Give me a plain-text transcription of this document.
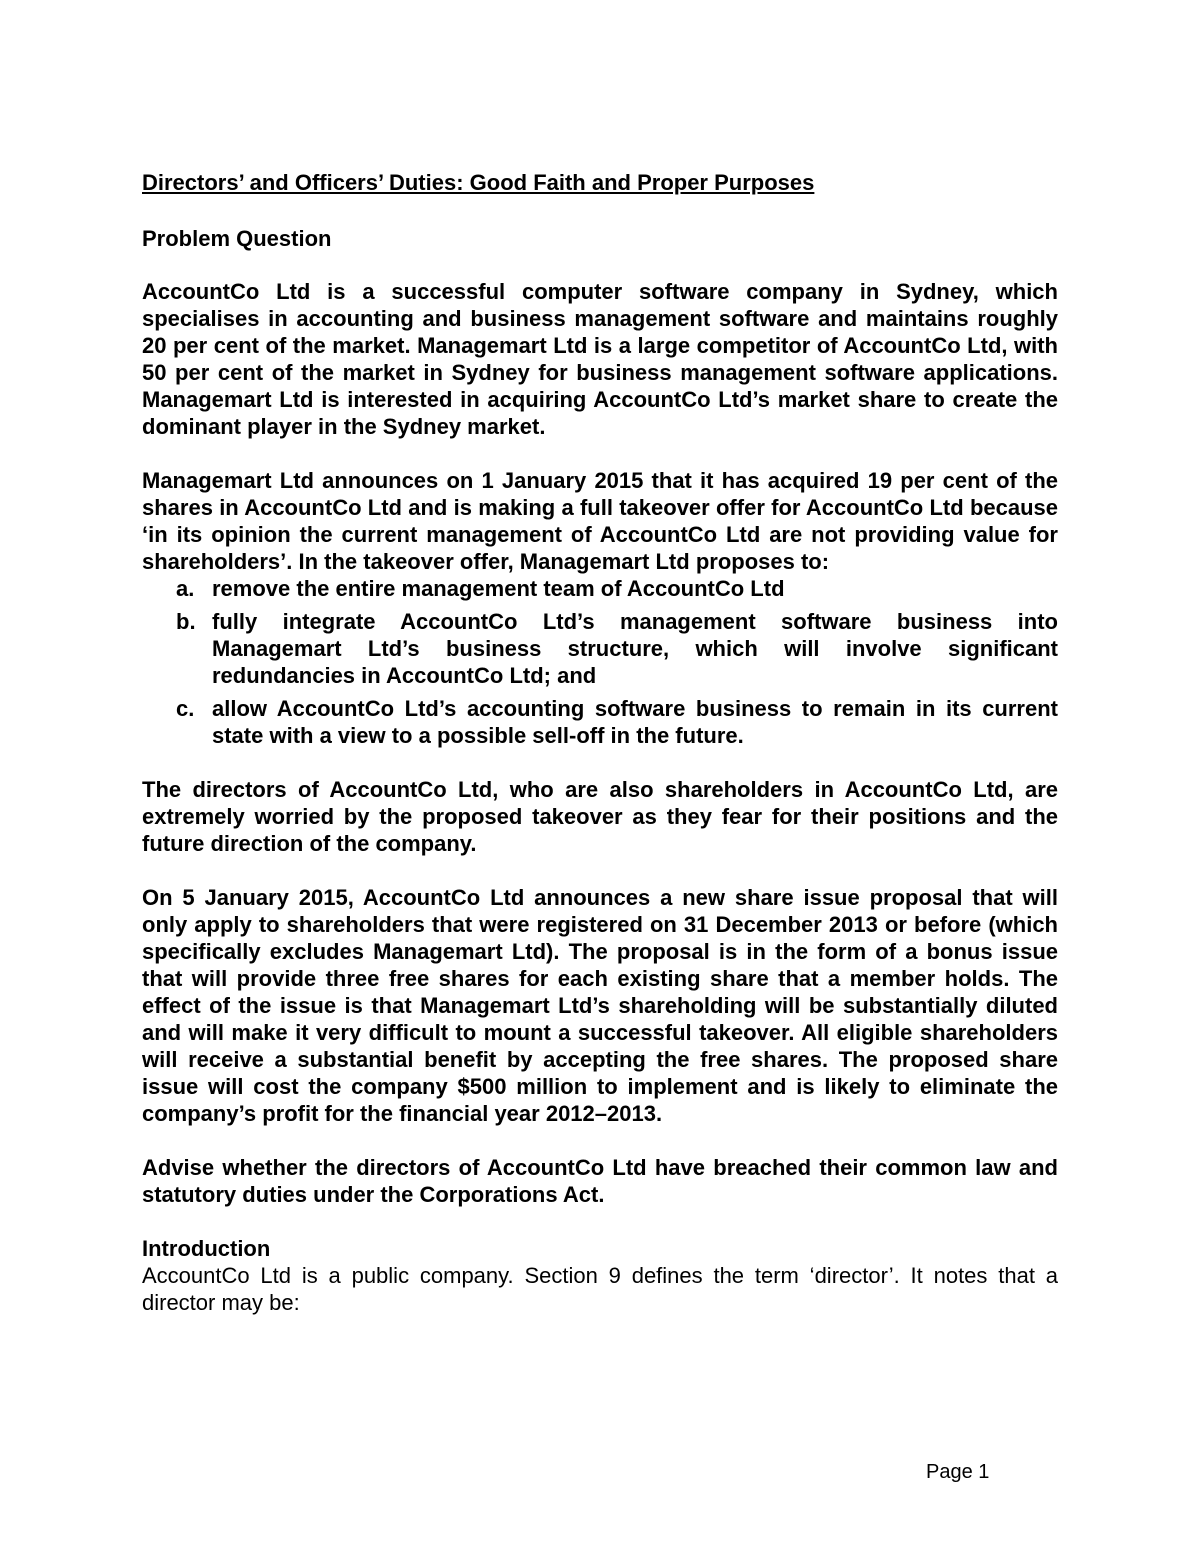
Directors’ and Officers’ Duties: Good Faith and Proper Purposes
Problem Question

AccountCo Ltd is a successful computer software company in Sydney, which specialises in accounting and business management software and maintains roughly 20 per cent of the market. Managemart Ltd is a large competitor of AccountCo Ltd, with 50 per cent of the market in Sydney for business management software applications. Managemart Ltd is interested in acquiring AccountCo Ltd’s market share to create the dominant player in the Sydney market.

Managemart Ltd announces on 1 January 2015 that it has acquired 19 per cent of the shares in AccountCo Ltd and is making a full takeover offer for AccountCo Ltd because ‘in its opinion the current management of AccountCo Ltd are not providing value for shareholders’. In the takeover offer, Managemart Ltd proposes to:

a. remove the entire management team of AccountCo Ltd
b. fully integrate AccountCo Ltd’s management software business into Managemart Ltd’s business structure, which will involve significant redundancies in AccountCo Ltd; and
c. allow AccountCo Ltd’s accounting software business to remain in its current state with a view to a possible sell-off in the future.

The directors of AccountCo Ltd, who are also shareholders in AccountCo Ltd, are extremely worried by the proposed takeover as they fear for their positions and the future direction of the company.

On 5 January 2015, AccountCo Ltd announces a new share issue proposal that will only apply to shareholders that were registered on 31 December 2013 or before (which specifically excludes Managemart Ltd). The proposal is in the form of a bonus issue that will provide three free shares for each existing share that a member holds. The effect of the issue is that Managemart Ltd’s shareholding will be substantially diluted and will make it very difficult to mount a successful takeover. All eligible shareholders will receive a substantial benefit by accepting the free shares. The proposed share issue will cost the company $500 million to implement and is likely to eliminate the company’s profit for the financial year 2012–2013.

Advise whether the directors of AccountCo Ltd have breached their common law and statutory duties under the Corporations Act.

Introduction

AccountCo Ltd is a public company. Section 9 defines the term ‘director’. It notes that a director may be:

Page 1
